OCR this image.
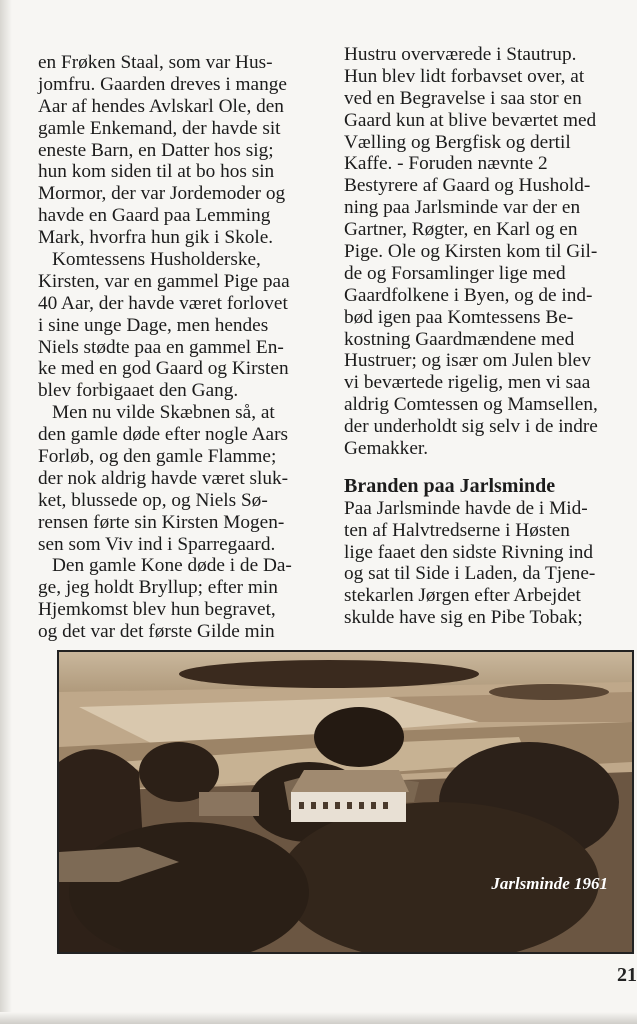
en Frøken Staal, som var Hus-
jomfru. Gaarden dreves i mange
Aar af hendes Avlskarl Ole, den
gamle Enkemand, der havde sit
eneste Barn, en Datter hos sig;
hun kom siden til at bo hos sin
Mormor, der var Jordemoder og
havde en Gaard paa Lemming
Mark, hvorfra hun gik i Skole.
Komtessens Husholderske,
Kirsten, var en gammel Pige paa
40 Aar, der havde været forlovet
i sine unge Dage, men hendes
Niels stødte paa en gammel En-
ke med en god Gaard og Kirsten
blev forbigaaet den Gang.
Men nu vilde Skæbnen så, at
den gamle døde efter nogle Aars
Forløb, og den gamle Flamme;
der nok aldrig havde været sluk-
ket, blussede op, og Niels Sø-
rensen førte sin Kirsten Mogen-
sen som Viv ind i Sparregaard.
Den gamle Kone døde i de Da-
ge, jeg holdt Bryllup; efter min
Hjemkomst blev hun begravet,
og det var det første Gilde min
Hustru overværede i Stautrup.
Hun blev lidt forbavset over, at
ved en Begravelse i saa stor en
Gaard kun at blive beværtet med
Vælling og Bergfisk og dertil
Kaffe. - Foruden nævnte 2
Bestyrere af Gaard og Hushold-
ning paa Jarlsminde var der en
Gartner, Røgter, en Karl og en
Pige. Ole og Kirsten kom til Gil-
de og Forsamlinger lige med
Gaardfolkene i Byen, og de ind-
bød igen paa Komtessens Be-
kostning Gaardmændene med
Hustruer; og især om Julen blev
vi beværtede rigelig, men vi saa
aldrig Comtessen og Mamsellen,
der underholdt sig selv i de indre
Gemakker.
Branden paa Jarlsminde
Paa Jarlsminde havde de i Mid-
ten af Halvtredserne i Høsten
lige faaet den sidste Rivning ind
og sat til Side i Laden, da Tjene-
stekarlen Jørgen efter Arbejdet
skulde have sig en Pibe Tobak;
Jarlsminde 1961
21
